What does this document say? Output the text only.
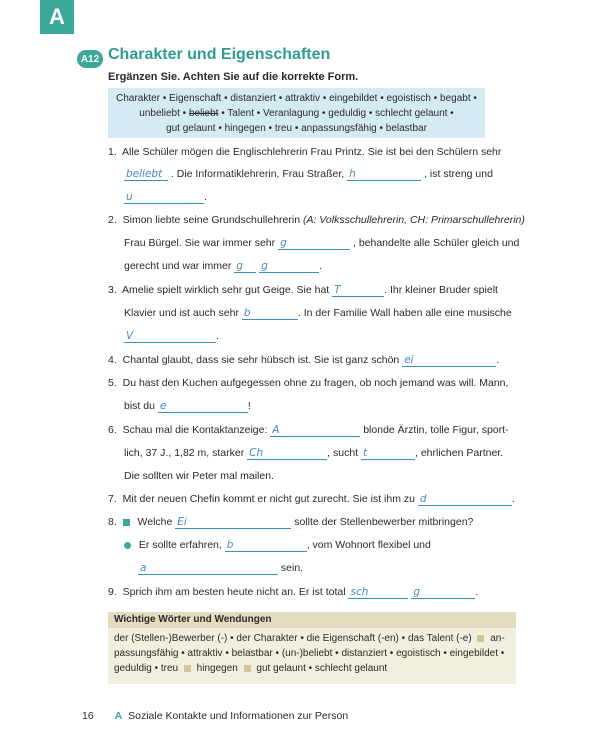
A
A12 Charakter und Eigenschaften
Ergänzen Sie. Achten Sie auf die korrekte Form.
Charakter • Eigenschaft • distanziert • attraktiv • eingebildet • egoistisch • begabt •
unbeliebt • beliebt • Talent • Veranlagung • geduldig • schlecht gelaunt •
gut gelaunt • hingegen • treu • anpassungsfähig • belastbar
1. Alle Schüler mögen die Englischlehrerin Frau Printz. Sie ist bei den Schülern sehr
beliebt . Die Informatiklehrerin, Frau Straßer, h	, ist streng und
u	.
2. Simon liebte seine Grundschullehrerin (A: Volksschullehrerin, CH: Primarschullehrerin)
Frau Bürgel. Sie war immer sehr g	, behandelte alle Schüler gleich und
gerecht und war immer g g	.
3. Amelie spielt wirklich sehr gut Geige. Sie hat T	. Ihr kleiner Bruder spielt
Klavier und ist auch sehr b	. In der Familie Wall haben alle eine musische
V	.
4. Chantal glaubt, dass sie sehr hübsch ist. Sie ist ganz schön ei	.
5. Du hast den Kuchen aufgegessen ohne zu fragen, ob noch jemand was will. Mann,
bist du e	!
6. Schau mal die Kontaktanzeige: A	blonde Ärztin, tolle Figur, sport-
lich, 37 J., 1,82 m, starker Ch	, sucht t	, ehrlichen Partner.
Die sollten wir Peter mal mailen.
7. Mit der neuen Chefin kommt er nicht gut zurecht. Sie ist ihm zu d	.
8. Welche Ei	sollte der Stellenbewerber mitbringen?
Er sollte erfahren, b	, vom Wohnort flexibel und
a	sein.
9. Sprich ihm am besten heute nicht an. Er ist total sch	g	.
Wichtige Wörter und Wendungen
der (Stellen-)Bewerber (-) • der Charakter • die Eigenschaft (-en) • das Talent (-e) an-
passungsfähig • attraktiv • belastbar • (un-)beliebt • distanziert • egoistisch • eingebildet •
geduldig • treu hingegen gut gelaunt • schlecht gelaunt
16 A Soziale Kontakte und Informationen zur Person
